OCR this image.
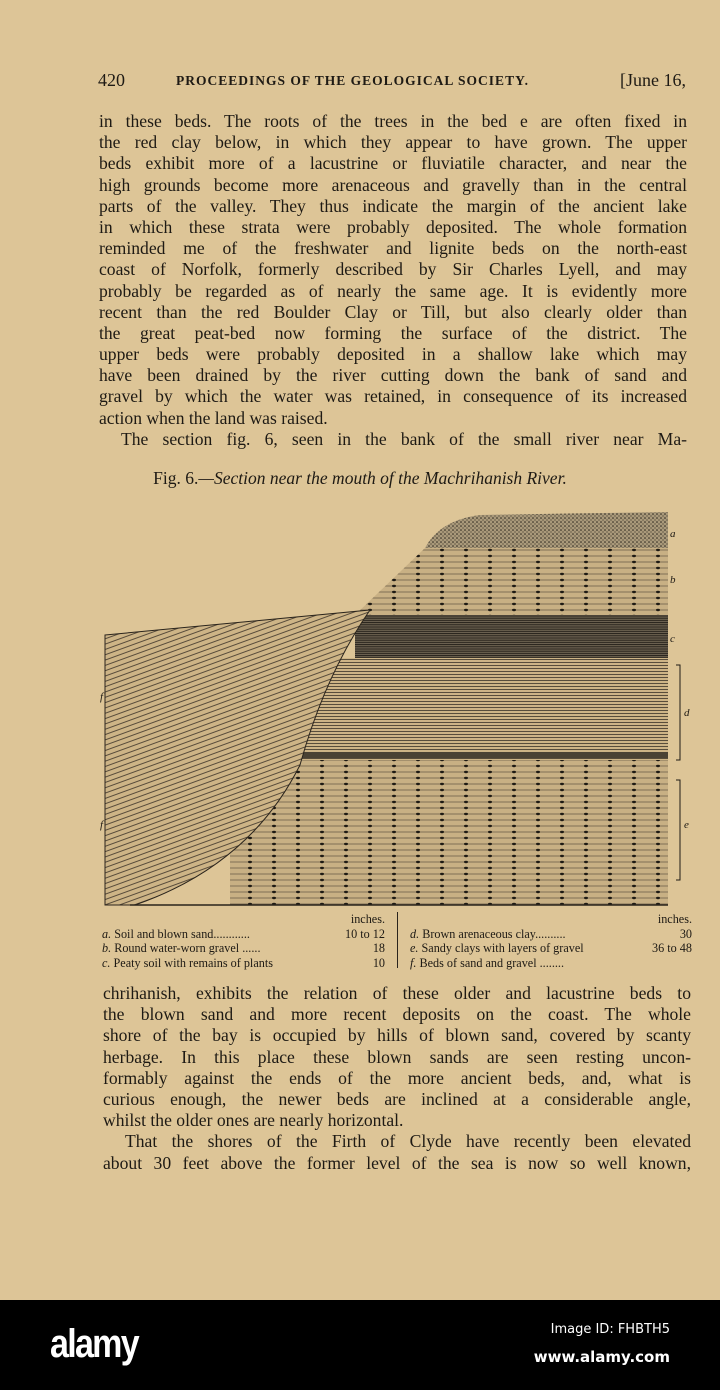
420	PROCEEDINGS OF THE GEOLOGICAL SOCIETY.	[June 16,
in these beds. The roots of the trees in the bed e are often fixed in
the red clay below, in which they appear to have grown. The upper
beds exhibit more of a lacustrine or fluviatile character, and near the
high grounds become more arenaceous and gravelly than in the central
parts of the valley. They thus indicate the margin of the ancient lake
in which these strata were probably deposited. The whole formation
reminded me of the freshwater and lignite beds on the north-east
coast of Norfolk, formerly described by Sir Charles Lyell, and may
probably be regarded as of nearly the same age. It is evidently more
recent than the red Boulder Clay or Till, but also clearly older than
the great peat-bed now forming the surface of the district. The
upper beds were probably deposited in a shallow lake which may
have been drained by the river cutting down the bank of sand and
gravel by which the water was retained, in consequence of its increased
action when the land was raised.
The section fig. 6, seen in the bank of the small river near Ma-
Fig. 6.—Section near the mouth of the Machrihanish River.
a
b
c
d
e
f
f
inches.
a. Soil and blown sand............	10 to 12
b. Round water-worn gravel ......	18
c. Peaty soil with remains of plants	10
inches.
d. Brown arenaceous clay..........	30
e. Sandy clays with layers of gravel	36 to 48
f. Beds of sand and gravel ........
chrihanish, exhibits the relation of these older and lacustrine beds to
the blown sand and more recent deposits on the coast. The whole
shore of the bay is occupied by hills of blown sand, covered by scanty
herbage. In this place these blown sands are seen resting uncon-
formably against the ends of the more ancient beds, and, what is
curious enough, the newer beds are inclined at a considerable angle,
whilst the older ones are nearly horizontal.
That the shores of the Firth of Clyde have recently been elevated
about 30 feet above the former level of the sea is now so well known,
alamy	Image ID: FHBTH5
www.alamy.com
